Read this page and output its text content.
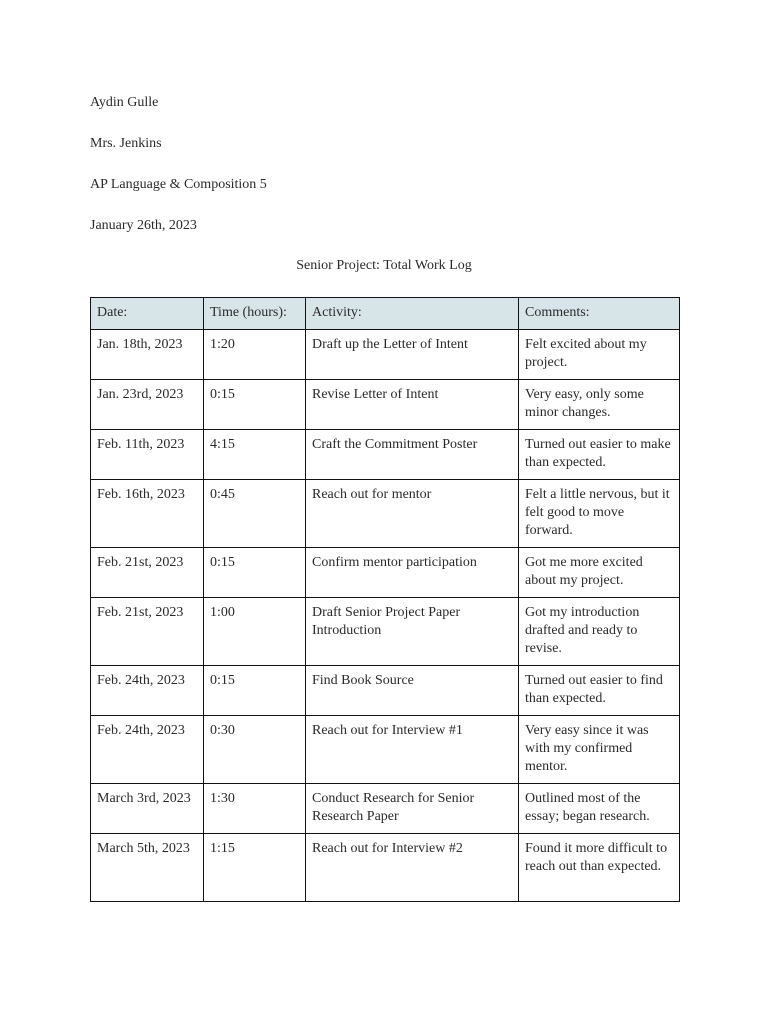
Aydin Gulle
Mrs. Jenkins
AP Language & Composition 5
January 26th, 2023
Senior Project: Total Work Log
Date:	Time (hours):	Activity:	Comments:
Jan. 18th, 2023	1:20	Draft up the Letter of Intent	Felt excited about my project.
Jan. 23rd, 2023	0:15	Revise Letter of Intent	Very easy, only some minor changes.
Feb. 11th, 2023	4:15	Craft the Commitment Poster	Turned out easier to make than expected.
Feb. 16th, 2023	0:45	Reach out for mentor	Felt a little nervous, but it felt good to move forward.
Feb. 21st, 2023	0:15	Confirm mentor participation	Got me more excited about my project.
Feb. 21st, 2023	1:00	Draft Senior Project Paper Introduction	Got my introduction drafted and ready to revise.
Feb. 24th, 2023	0:15	Find Book Source	Turned out easier to find than expected.
Feb. 24th, 2023	0:30	Reach out for Interview #1	Very easy since it was with my confirmed mentor.
March 3rd, 2023	1:30	Conduct Research for Senior Research Paper	Outlined most of the essay; began research.
March 5th, 2023	1:15	Reach out for Interview #2	Found it more difficult to reach out than expected.
